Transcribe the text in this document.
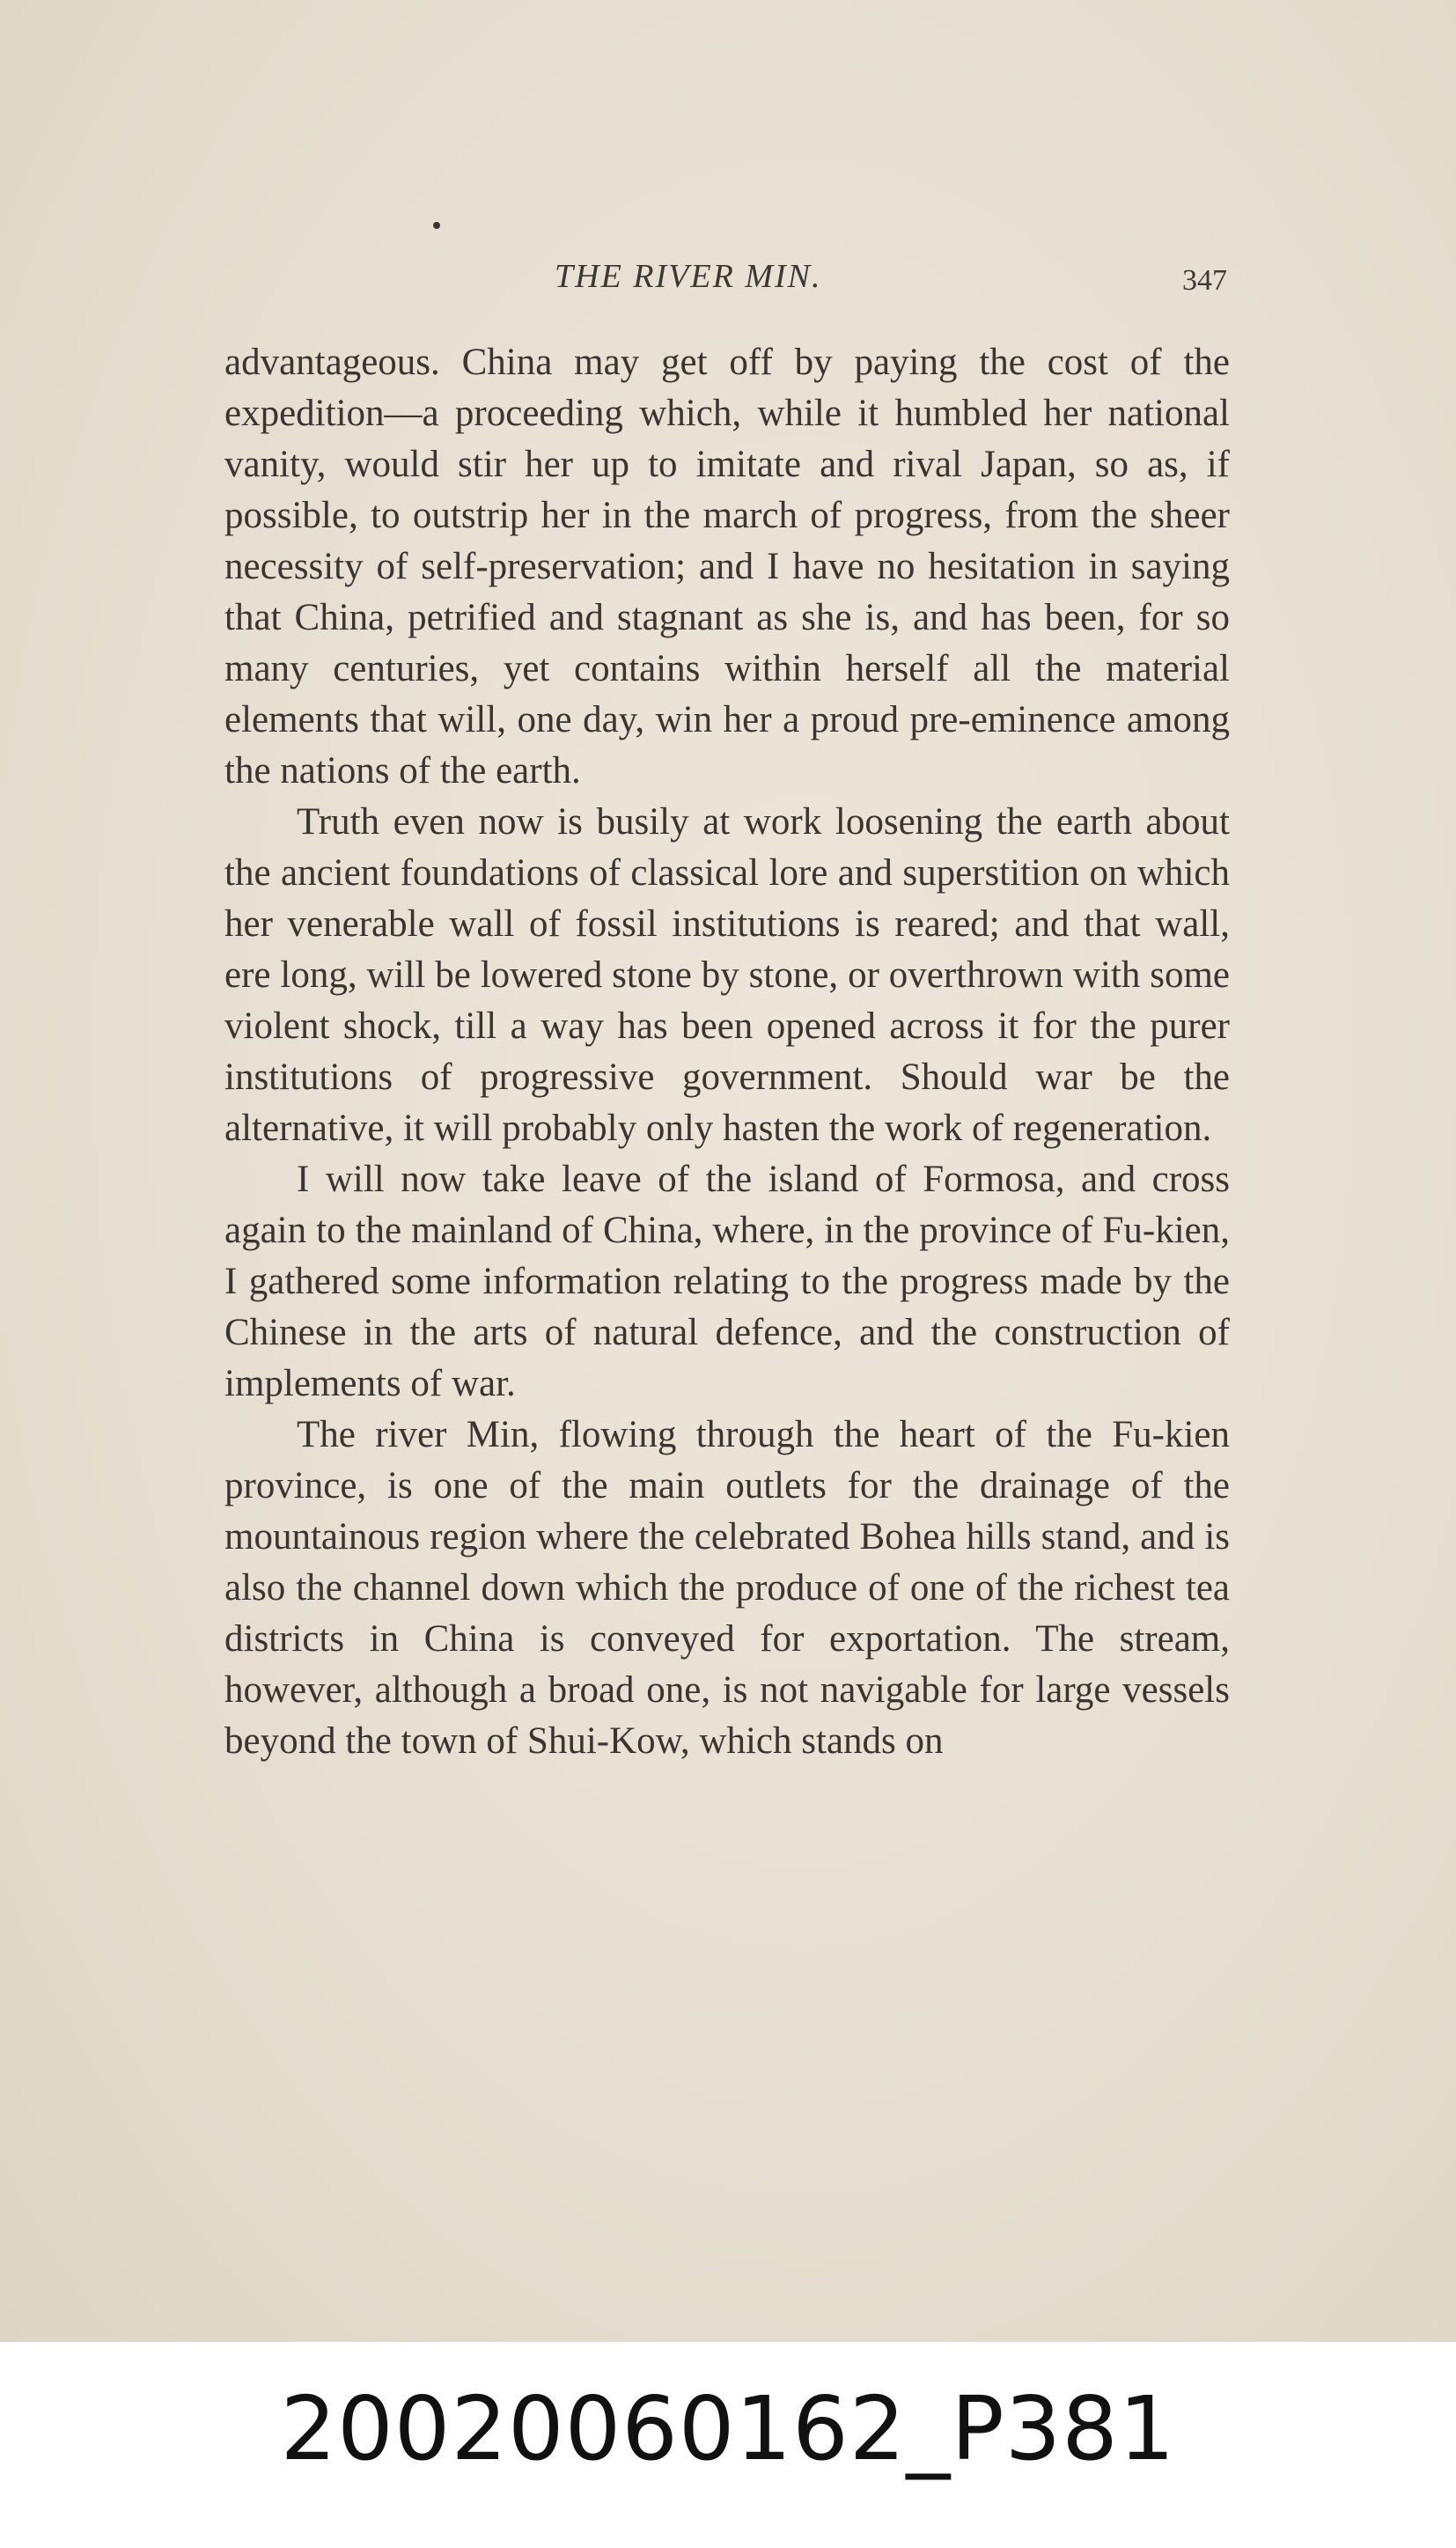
THE RIVER MIN.	347

advantageous. China may get off by paying the cost of the expedition—a proceeding which, while it humbled her national vanity, would stir her up to imitate and rival Japan, so as, if possible, to outstrip her in the march of progress, from the sheer necessity of self-preservation; and I have no hesitation in saying that China, petrified and stagnant as she is, and has been, for so many centuries, yet contains within herself all the material elements that will, one day, win her a proud pre-eminence among the nations of the earth.

Truth even now is busily at work loosening the earth about the ancient foundations of classical lore and superstition on which her venerable wall of fossil institutions is reared; and that wall, ere long, will be lowered stone by stone, or overthrown with some violent shock, till a way has been opened across it for the purer institutions of progressive government. Should war be the alternative, it will probably only hasten the work of regeneration.

I will now take leave of the island of Formosa, and cross again to the mainland of China, where, in the province of Fu-kien, I gathered some information relating to the progress made by the Chinese in the arts of natural defence, and the construction of implements of war.

The river Min, flowing through the heart of the Fu-kien province, is one of the main outlets for the drainage of the mountainous region where the celebrated Bohea hills stand, and is also the channel down which the produce of one of the richest tea districts in China is conveyed for exportation. The stream, however, although a broad one, is not navigable for large vessels beyond the town of Shui-Kow, which stands on

20020060162_P381
